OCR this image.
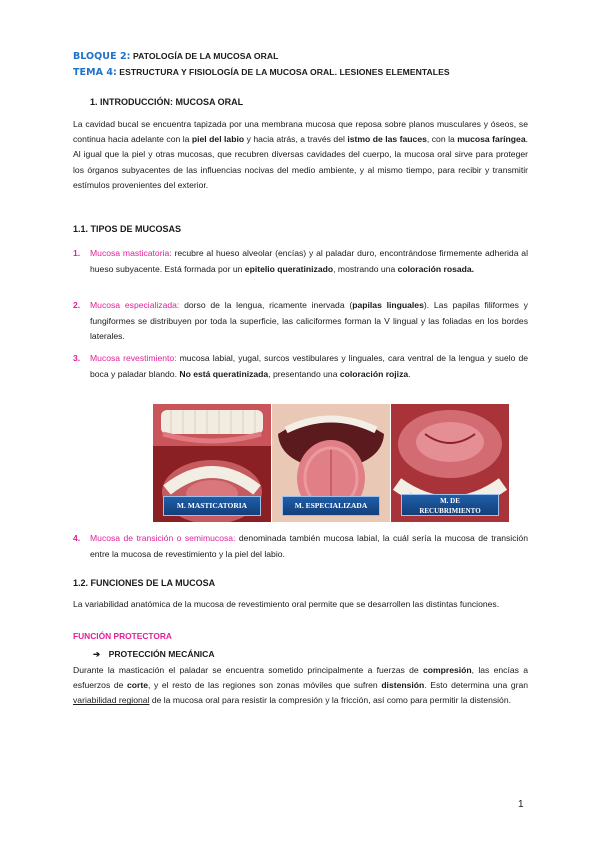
BLOQUE 2: PATOLOGÍA DE LA MUCOSA ORAL
TEMA 4: ESTRUCTURA Y FISIOLOGÍA DE LA MUCOSA ORAL. LESIONES ELEMENTALES
1. INTRODUCCIÓN: MUCOSA ORAL
La cavidad bucal se encuentra tapizada por una membrana mucosa que reposa sobre planos musculares y óseos, se continua hacia adelante con la piel del labio y hacia atrás, a través del istmo de las fauces, con la mucosa faríngea. Al igual que la piel y otras mucosas, que recubren diversas cavidades del cuerpo, la mucosa oral sirve para proteger los órganos subyacentes de las influencias nocivas del medio ambiente, y al mismo tiempo, para recibir y transmitir estímulos provenientes del exterior.
1.1. TIPOS DE MUCOSAS
1. Mucosa masticatoria: recubre al hueso alveolar (encías) y al paladar duro, encontrándose firmemente adherida al hueso subyacente. Está formada por un epitelio queratinizado, mostrando una coloración rosada.
2. Mucosa especializada: dorso de la lengua, ricamente inervada (papilas linguales). Las papilas filiformes y fungiformes se distribuyen por toda la superficie, las caliciformes forman la V lingual y las foliadas en los bordes laterales.
3. Mucosa revestimiento: mucosa labial, yugal, surcos vestibulares y linguales, cara ventral de la lengua y suelo de boca y paladar blando. No está queratinizada, presentando una coloración rojiza.
M. MASTICATORIA	M. ESPECIALIZADA	M. DE
RECUBRIMIENTO
4. Mucosa de transición o semimucosa: denominada también mucosa labial, la cuál sería la mucosa de transición entre la mucosa de revestimiento y la piel del labio.
1.2. FUNCIONES DE LA MUCOSA
La variabilidad anatómica de la mucosa de revestimiento oral permite que se desarrollen las distintas funciones.
FUNCIÓN PROTECTORA
➔ PROTECCIÓN MECÁNICA
Durante la masticación el paladar se encuentra sometido principalmente a fuerzas de compresión, las encías a esfuerzos de corte, y el resto de las regiones son zonas móviles que sufren distensión. Esto determina una gran variabilidad regional de la mucosa oral para resistir la compresión y la fricción, así como para permitir la distensión.
1
